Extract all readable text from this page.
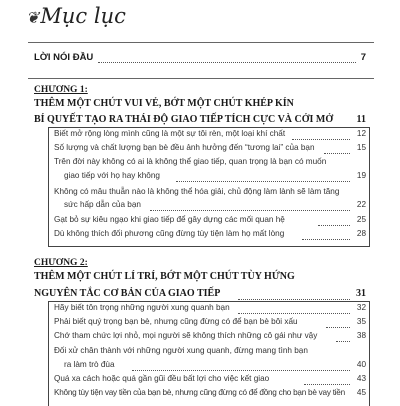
❦Mục lục
LỜI NÓI ĐẦU	7
CHƯƠNG 1:
THÊM MỘT CHÚT VUI VẺ, BỚT MỘT CHÚT KHÉP KÍN
BÍ QUYẾT TẠO RA THÁI ĐỘ GIAO TIẾP TÍCH CỰC VÀ CỞI MỞ 11
Biết mở rộng lòng mình cũng là một sự tôi rèn, một loại khí chất	12
Số lượng và chất lượng bạn bè đều ảnh hưởng đến “tương lai” của bạn	15
Trên đời này không có ai là không thể giao tiếp, quan trọng là bạn có muốn
giao tiếp với họ hay không	19
Không có mâu thuẫn nào là không thể hóa giải, chủ động làm lành sẽ làm tăng
sức hấp dẫn của bạn	22
Gạt bỏ sự kiêu ngạo khi giao tiếp để gây dựng các mối quan hệ	25
Dù không thích đối phương cũng đừng tùy tiện làm họ mất lòng	28
CHƯƠNG 2:
THÊM MỘT CHÚT LÍ TRÍ, BỚT MỘT CHÚT TÙY HỨNG
NGUYÊN TẮC CƠ BẢN CỦA GIAO TIẾP	31
Hãy biết tôn trọng những người xung quanh bạn	32
Phải biết quý trọng bạn bè, nhưng cũng đừng có để bạn bè bôi xấu	35
Chớ tham chức lợi nhỏ, mọi người sẽ không thích những cô gái như vậy	38
Đối xử chân thành với những người xung quanh, đừng mang tình bạn
ra làm trò đùa	40
Quá xa cách hoặc quá gần gũi đều bất lợi cho việc kết giao	43
Không tùy tiện vay tiền của bạn bè, nhưng cũng đừng có để đồng cho bạn bè vay tiền 45
